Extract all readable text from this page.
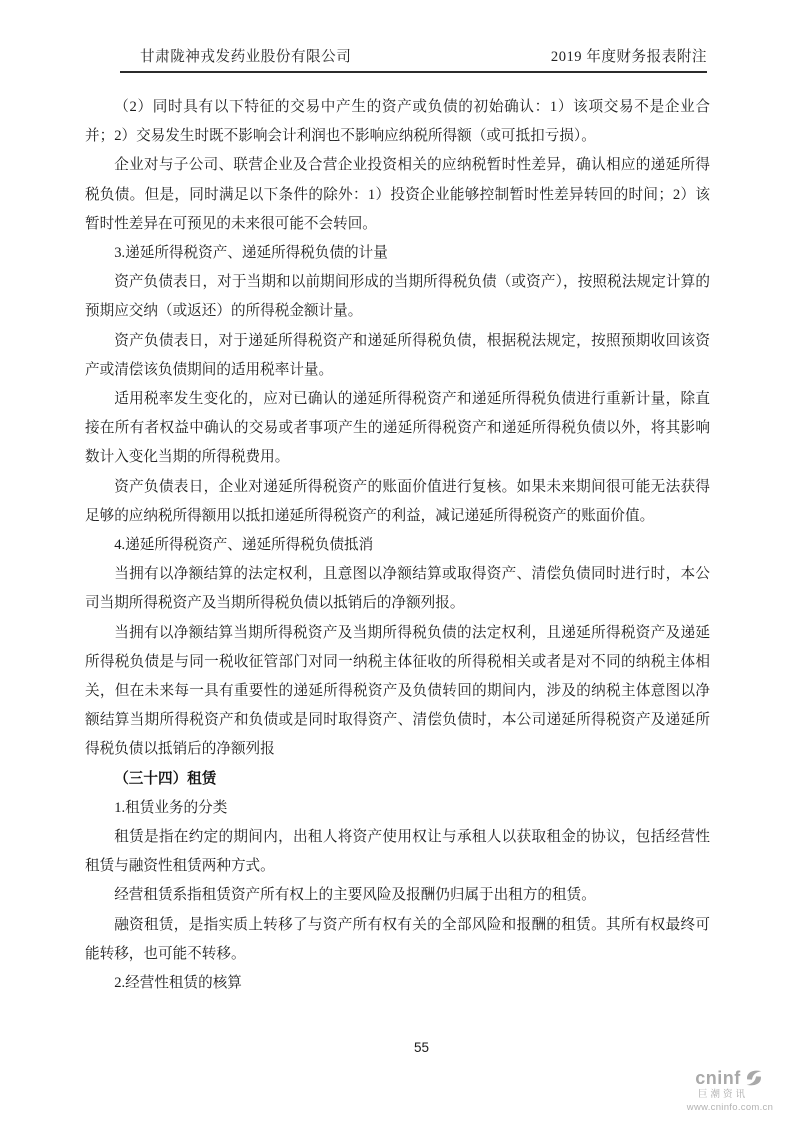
甘肃陇神戎发药业股份有限公司	2019 年度财务报表附注

（2）同时具有以下特征的交易中产生的资产或负债的初始确认：1）该项交易不是企业合并；2）交易发生时既不影响会计利润也不影响应纳税所得额（或可抵扣亏损）。

企业对与子公司、联营企业及合营企业投资相关的应纳税暂时性差异，确认相应的递延所得税负债。但是，同时满足以下条件的除外：1）投资企业能够控制暂时性差异转回的时间；2）该暂时性差异在可预见的未来很可能不会转回。

3.递延所得税资产、递延所得税负债的计量

资产负债表日，对于当期和以前期间形成的当期所得税负债（或资产），按照税法规定计算的预期应交纳（或返还）的所得税金额计量。

资产负债表日，对于递延所得税资产和递延所得税负债，根据税法规定，按照预期收回该资产或清偿该负债期间的适用税率计量。

适用税率发生变化的，应对已确认的递延所得税资产和递延所得税负债进行重新计量，除直接在所有者权益中确认的交易或者事项产生的递延所得税资产和递延所得税负债以外，将其影响数计入变化当期的所得税费用。

资产负债表日，企业对递延所得税资产的账面价值进行复核。如果未来期间很可能无法获得足够的应纳税所得额用以抵扣递延所得税资产的利益，减记递延所得税资产的账面价值。

4.递延所得税资产、递延所得税负债抵消

当拥有以净额结算的法定权利，且意图以净额结算或取得资产、清偿负债同时进行时，本公司当期所得税资产及当期所得税负债以抵销后的净额列报。

当拥有以净额结算当期所得税资产及当期所得税负债的法定权利，且递延所得税资产及递延所得税负债是与同一税收征管部门对同一纳税主体征收的所得税相关或者是对不同的纳税主体相关，但在未来每一具有重要性的递延所得税资产及负债转回的期间内，涉及的纳税主体意图以净额结算当期所得税资产和负债或是同时取得资产、清偿负债时，本公司递延所得税资产及递延所得税负债以抵销后的净额列报

（三十四）租赁

1.租赁业务的分类

租赁是指在约定的期间内，出租人将资产使用权让与承租人以获取租金的协议，包括经营性租赁与融资性租赁两种方式。

经营租赁系指租赁资产所有权上的主要风险及报酬仍归属于出租方的租赁。

融资租赁，是指实质上转移了与资产所有权有关的全部风险和报酬的租赁。其所有权最终可能转移，也可能不转移。

2.经营性租赁的核算

55
cninf
巨潮资讯
www.cninfo.com.cn
